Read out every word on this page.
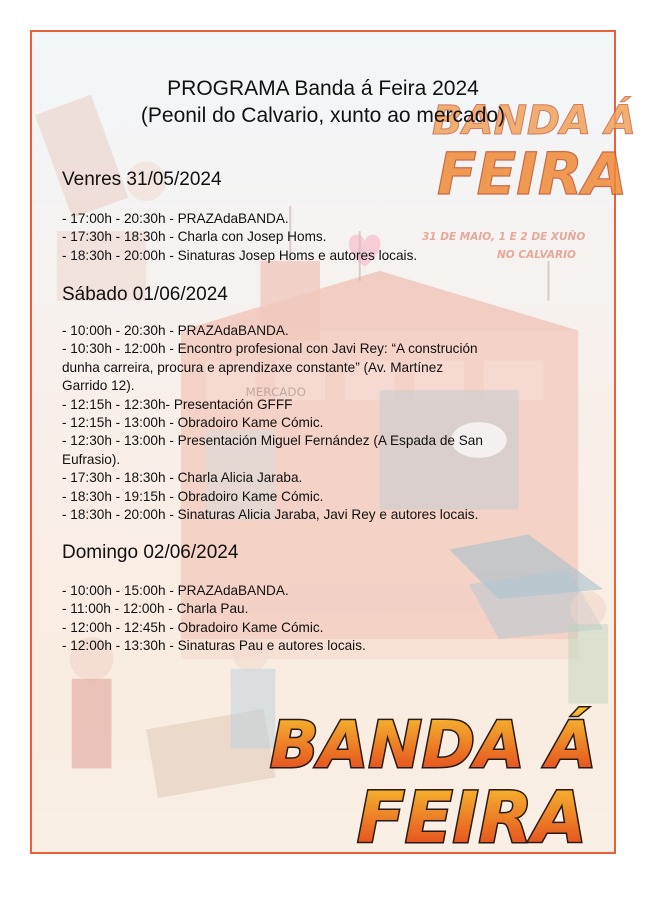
MERCADO
BANDA Á
FEIRA
31 DE MAIO, 1 E 2 DE XUÑO
NO CALVARIO
BANDA Á
FEIRA
PROGRAMA Banda á Feira 2024
(Peonil do Calvario, xunto ao mercado)
Venres 31/05/2024
- 17:00h - 20:30h - PRAZAdaBANDA.
- 17:30h - 18:30h - Charla con Josep Homs.
- 18:30h - 20:00h - Sinaturas Josep Homs e autores locais.
Sábado 01/06/2024
- 10:00h - 20:30h - PRAZAdaBANDA.
- 10:30h - 12:00h - Encontro profesional con Javi Rey: “A construción
dunha carreira, procura e aprendizaxe constante” (Av. Martínez
Garrido 12).
- 12:15h - 12:30h- Presentación GFFF
- 12:15h - 13:00h - Obradoiro Kame Cómic.
- 12:30h - 13:00h - Presentación Miguel Fernández (A Espada de San
Eufrasio).
- 17:30h - 18:30h - Charla Alicia Jaraba.
- 18:30h - 19:15h - Obradoiro Kame Cómic.
- 18:30h - 20:00h - Sinaturas Alicia Jaraba, Javi Rey e autores locais.
Domingo 02/06/2024
- 10:00h - 15:00h - PRAZAdaBANDA.
- 11:00h - 12:00h - Charla Pau.
- 12:00h - 12:45h - Obradoiro Kame Cómic.
- 12:00h - 13:30h - Sinaturas Pau e autores locais.
